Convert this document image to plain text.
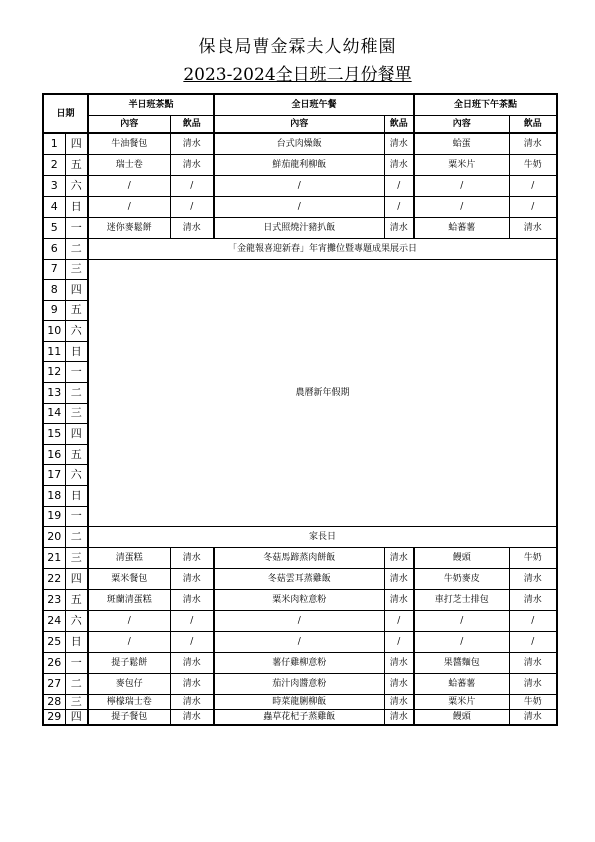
保良局曹金霖夫人幼稚園
2023-2024全日班二月份餐單
日期		半日班茶點		全日班午餐		全日班下午茶點	
		內容	飲品	內容	飲品	內容	飲品
1	四	牛油餐包	清水	台式肉燥飯	清水	蛤蛋	清水
2	五	瑞士卷	清水	鮮茄龍利柳飯	清水	粟米片	牛奶
3	六	/	/	/	/	/	/
4	日	/	/	/	/	/	/
5	一	迷你麥鬆餅	清水	日式照燒汁豬扒飯	清水	蛤蕃薯	清水
6	二	「金龍報喜迎新春」年宵攤位暨專題成果展示日					
7	三	農曆新年假期					
8	四						
9	五						
10	六						
11	日						
12	一						
13	二						
14	三						
15	四						
16	五						
17	六						
18	日						
19	一						
20	二	家長日					
21	三	清蛋糕	清水	冬菇馬蹄蒸肉餅飯	清水	饅頭	牛奶
22	四	粟米餐包	清水	冬菇雲耳蒸雞飯	清水	牛奶麥皮	清水
23	五	斑蘭清蛋糕	清水	粟米肉粒意粉	清水	車打芝士排包	清水
24	六	/	/	/	/	/	/
25	日	/	/	/	/	/	/
26	一	提子鬆餅	清水	薯仔雞柳意粉	清水	果醬麵包	清水
27	二	麥包仔	清水	茄汁肉醬意粉	清水	蛤蕃薯	清水
28	三	檸檬瑞士卷	清水	時菜龍脷柳飯	清水	粟米片	牛奶
29	四	提子餐包	清水	蟲草花杞子蒸雞飯	清水	饅頭	清水
